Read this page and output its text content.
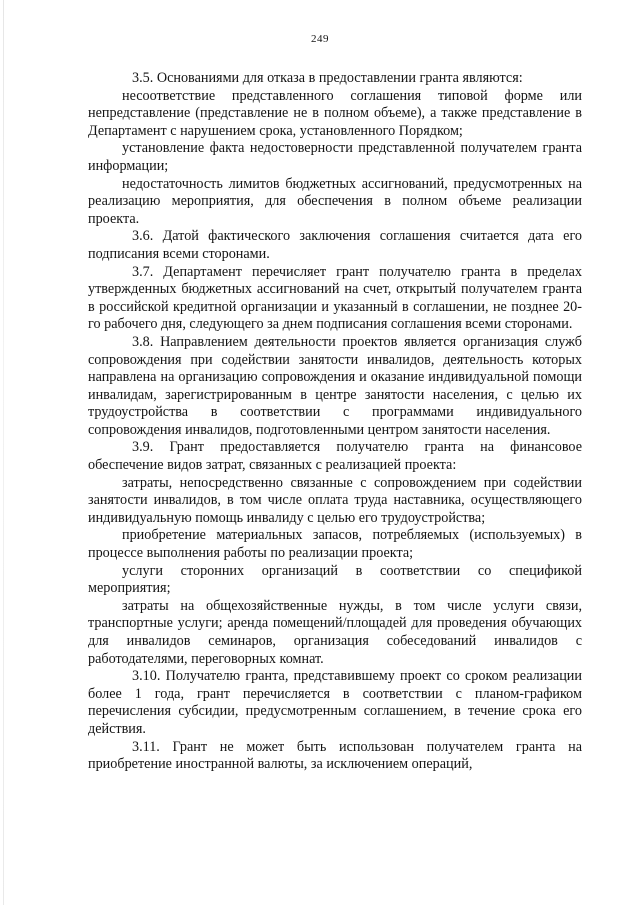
249

3.5. Основаниями для отказа в предоставлении гранта являются:

несоответствие представленного соглашения типовой форме или непредставление (представление не в полном объеме), а также представление в Департамент с нарушением срока, установленного Порядком;

установление факта недостоверности представленной получателем гранта информации;

недостаточность лимитов бюджетных ассигнований, предусмотренных на реализацию мероприятия, для обеспечения в полном объеме реализации проекта.

3.6. Датой фактического заключения соглашения считается дата его подписания всеми сторонами.

3.7. Департамент перечисляет грант получателю гранта в пределах утвержденных бюджетных ассигнований на счет, открытый получателем гранта в российской кредитной организации и указанный в соглашении, не позднее 20-го рабочего дня, следующего за днем подписания соглашения всеми сторонами.

3.8. Направлением деятельности проектов является организация служб сопровождения при содействии занятости инвалидов, деятельность которых направлена на организацию сопровождения и оказание индивидуальной помощи инвалидам, зарегистрированным в центре занятости населения, с целью их трудоустройства в соответствии с программами индивидуального сопровождения инвалидов, подготовленными центром занятости населения.

3.9. Грант предоставляется получателю гранта на финансовое обеспечение видов затрат, связанных с реализацией проекта:

затраты, непосредственно связанные с сопровождением при содействии занятости инвалидов, в том числе оплата труда наставника, осуществляющего индивидуальную помощь инвалиду с целью его трудоустройства;

приобретение материальных запасов, потребляемых (используемых) в процессе выполнения работы по реализации проекта;

услуги сторонних организаций в соответствии со спецификой мероприятия;

затраты на общехозяйственные нужды, в том числе услуги связи, транспортные услуги; аренда помещений/площадей для проведения обучающих для инвалидов семинаров, организация собеседований инвалидов с работодателями, переговорных комнат.

3.10. Получателю гранта, представившему проект со сроком реализации более 1 года, грант перечисляется в соответствии с планом-графиком перечисления субсидии, предусмотренным соглашением, в течение срока его действия.

3.11. Грант не может быть использован получателем гранта на приобретение иностранной валюты, за исключением операций,
